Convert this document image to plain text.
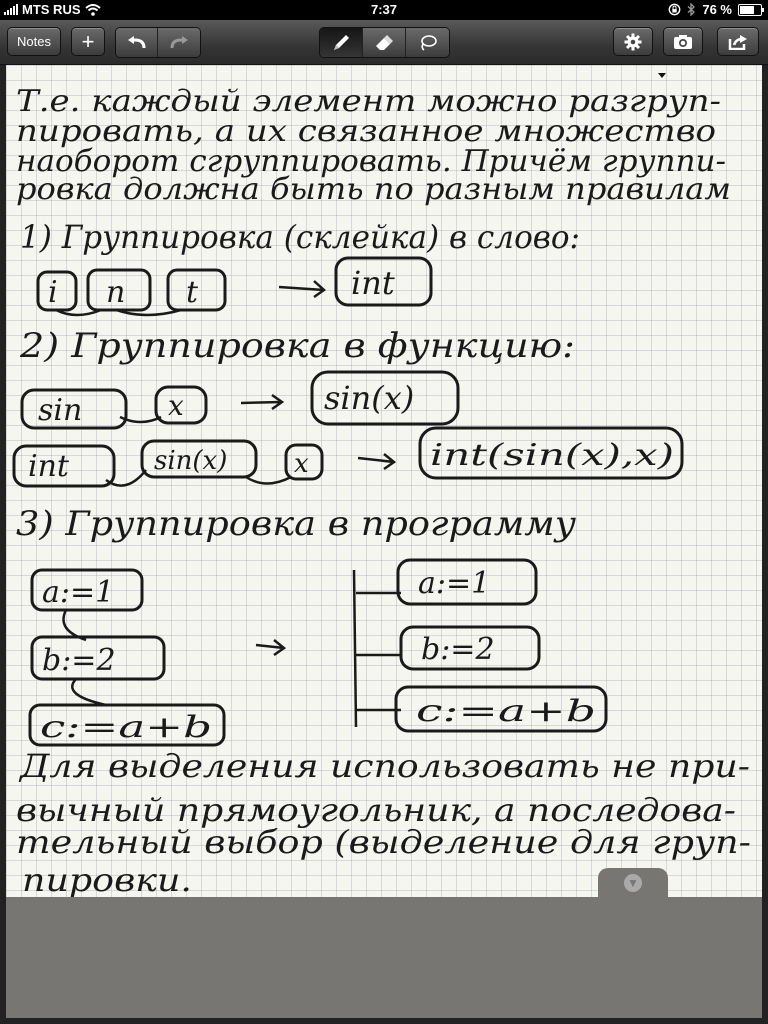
MTS RUS	7:37	76 %
Notes	+
Т.е. каждый элемент можно разгруп-
пировать, а их связанное множество
наоборот сгруппировать. Причём группи-
ровка должна быть по разным правилам
1) Группировка (склейка) в слово:
i n t	int
2) Группировка в функцию:
sin	x	sin(x)
int	sin(x)	x	int(sin(x),x)
3) Группировка в программу
a:=1
b:=2
c:=a+b
a:=1
b:=2
c:=a+b
Для выделения использовать не при-
вычный прямоугольник, а последова-
тельный выбор (выделение для груп-
пировки.	▼
